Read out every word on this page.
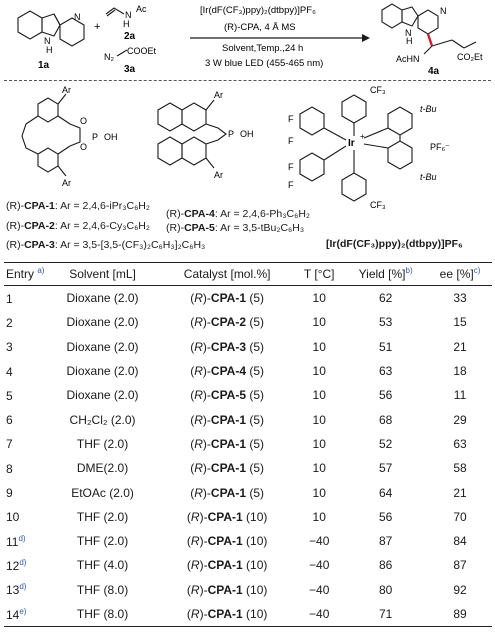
N
N
H
1a
+
N
H
Ac
2a
N₂
COOEt
3a
[Ir(dF(CF₃)ppy)₂(dtbpy)]PF₆
(R)-CPA, 4 Å MS
Solvent,Temp.,24 h
3 W blue LED (455-465 nm)
N
N
H
AcHN	CO₂Et
4a
Ar
Ar
O
O
P OH
Ar
Ar
P OH
Ir
+
CF₃
CF₃
t-Bu
t-Bu
PF₆⁻
F
F
F
F
(R)-CPA-1: Ar = 2,4,6-iPr₃C₆H₂
(R)-CPA-2: Ar = 2,4,6-Cy₃C₆H₂
(R)-CPA-3: Ar = 3,5-[3,5-(CF₃)₂C₆H₃]₂C₆H₃
(R)-CPA-4: Ar = 2,4,6-Ph₃C₆H₂
(R)-CPA-5: Ar = 3,5-tBu₂C₆H₃
[Ir(dF(CF₃)ppy)₂(dtbpy)]PF₆
Entry $^{a)}$	Solvent [mL]	Catalyst [mol.%]	T [°C]	Yield [%]$^{b)}$	ee [%]$^{c)}$
1	Dioxane (2.0)	(R)-CPA-1 (5)	10	62	33
2	Dioxane (2.0)	(R)-CPA-2 (5)	10	53	15
3	Dioxane (2.0)	(R)-CPA-3 (5)	10	51	21
4	Dioxane (2.0)	(R)-CPA-4 (5)	10	63	18
5	Dioxane (2.0)	(R)-CPA-5 (5)	10	56	11
6	CH₂Cl₂ (2.0)	(R)-CPA-1 (5)	10	68	29
7	THF (2.0)	(R)-CPA-1 (5)	10	52	63
8	DME(2.0)	(R)-CPA-1 (5)	10	57	58
9	EtOAc (2.0)	(R)-CPA-1 (5)	10	64	21
10	THF (2.0)	(R)-CPA-1 (10)	10	56	70
11$^{d)}$	THF (2.0)	(R)-CPA-1 (10)	−40	87	84
12$^{d)}$	THF (4.0)	(R)-CPA-1 (10)	−40	86	87
13$^{d)}$	THF (8.0)	(R)-CPA-1 (10)	−40	80	92
14$^{e)}$	THF (8.0)	(R)-CPA-1 (10)	−40	71	89
